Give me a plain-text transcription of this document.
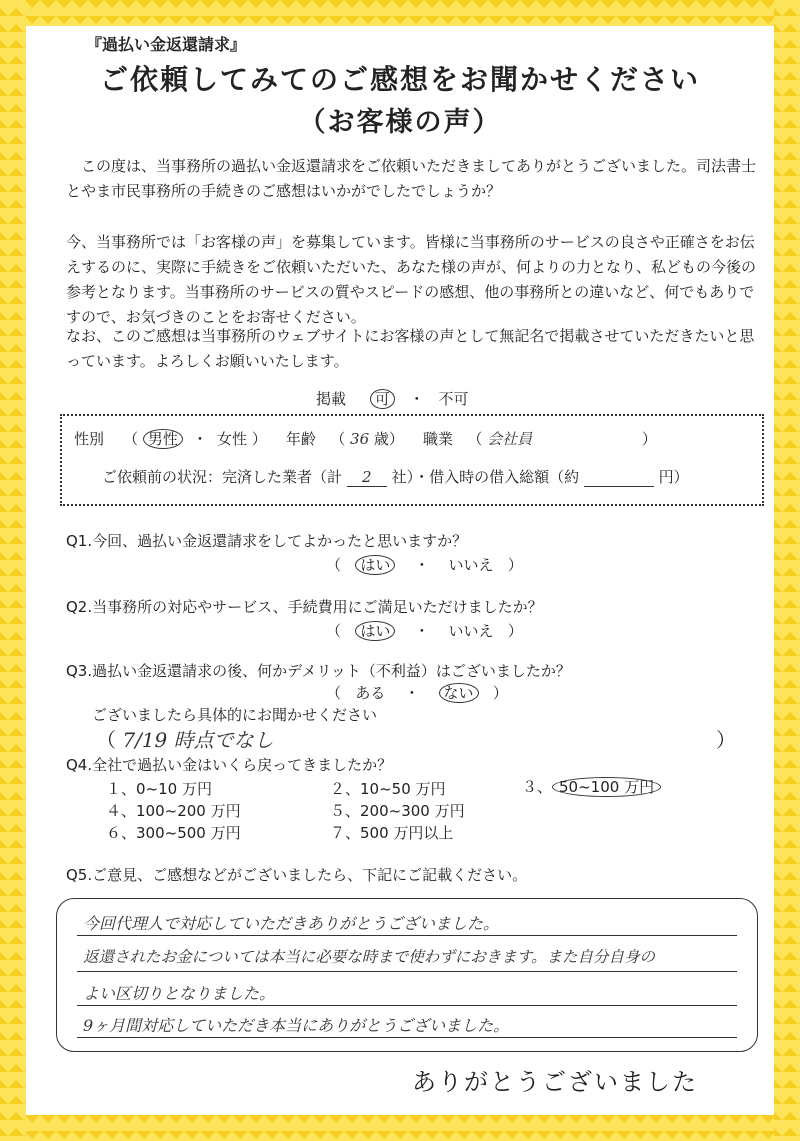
『過払い金返還請求』
ご依頼してみてのご感想をお聞かせください
（お客様の声）
この度は、当事務所の過払い金返還請求をご依頼いただきましてありがとうございました。司法書士とやま市民事務所の手続きのご感想はいかがでしたでしょうか？
今、当事務所では「お客様の声」を募集しています。皆様に当事務所のサービスの良さや正確さをお伝えするのに、実際に手続きをご依頼いただいた、あなた様の声が、何よりの力となり、私どもの今後の参考となります。当事務所のサービスの質やスピードの感想、他の事務所との違いなど、何でもありですので、お気づきのことをお寄せください。
なお、このご感想は当事務所のウェブサイトにお客様の声として無記名で掲載させていただきたいと思っています。よろしくお願いいたします。
掲載 可 ・ 不可
性別 （ 男性 ・ 女性 ） 年齢 （ 36 歳） 職業 （ 会社員	）
ご依頼前の状況：完済した業者（計 2 社）・借入時の借入総額（約	円）
Q1.今回、過払い金返還請求をしてよかったと思いますか？
（ はい ・ いいえ ）
Q2.当事務所の対応やサービス、手続費用にご満足いただけましたか？
（ はい ・ いいえ ）
Q3.過払い金返還請求の後、何かデメリット（不利益）はございましたか？
（ ある ・ ない ）
ございましたら具体的にお聞かせください
（ 7/19 時点でなし	）
Q4.全社で過払い金はいくら戻ってきましたか？
１、0~10 万円	２、10~50 万円	３、 50~100 万円
４、100~200 万円	５、200~300 万円
６、300~500 万円	７、500 万円以上
Q5.ご意見、ご感想などがございましたら、下記にご記載ください。
今回代理人で対応していただきありがとうございました。
返還されたお金については本当に必要な時まで使わずにおきます。また自分自身の
よい区切りとなりました。
9ヶ月間対応していただき本当にありがとうございました。
ありがとうございました
